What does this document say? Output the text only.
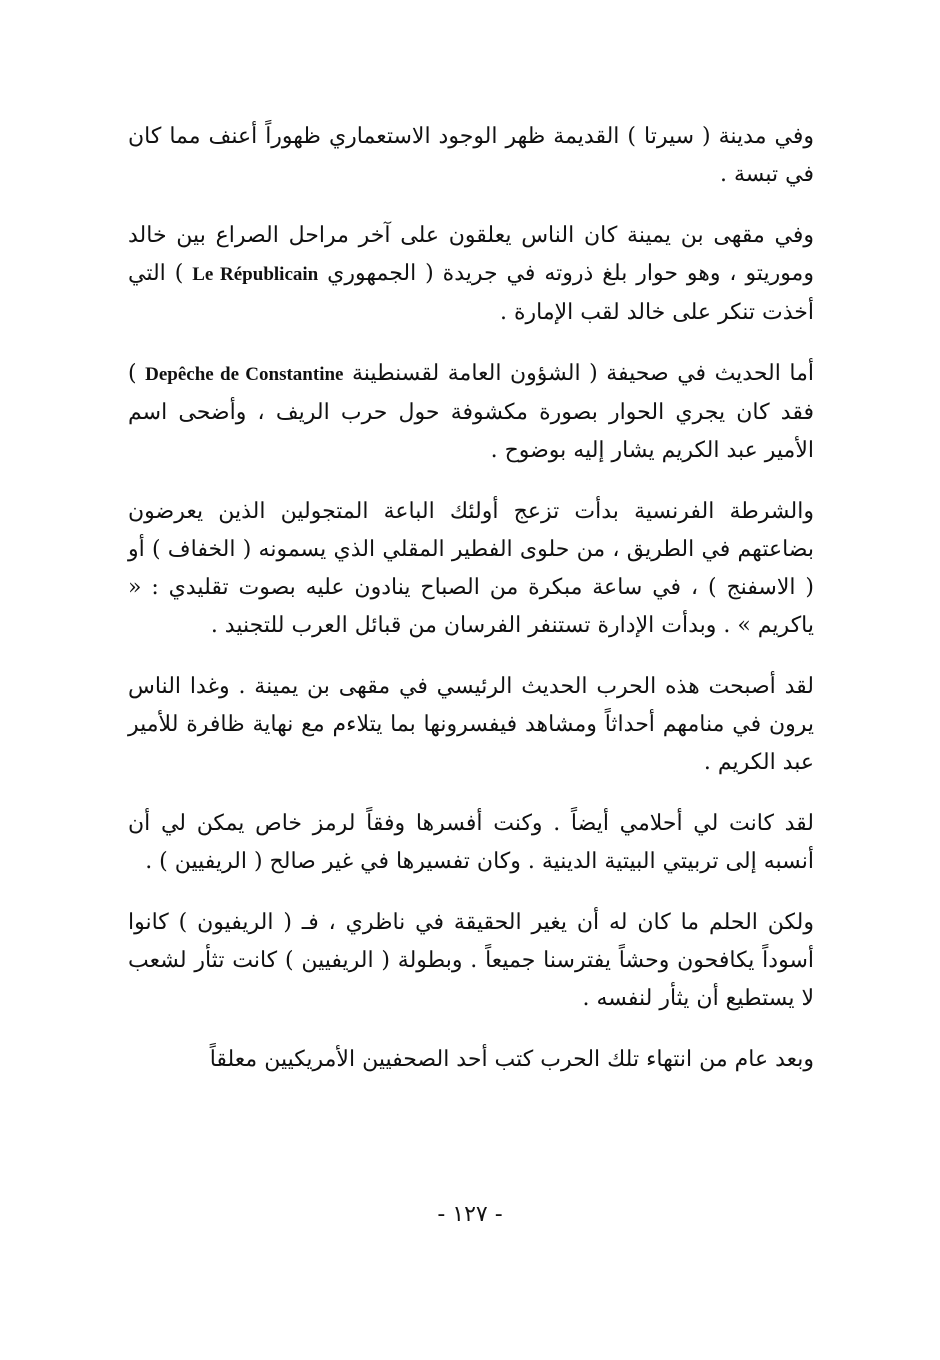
وفي مدينة ( سيرتا ) القديمة ظهر الوجود الاستعماري ظهوراً أعنف مما كان في تبسة .

وفي مقهى بن يمينة كان الناس يعلقون على آخر مراحل الصراع بين خالد وموريتو ، وهو حوار بلغ ذروته في جريدة ( الجمهوري Le Républicain ) التي أخذت تنكر على خالد لقب الإمارة .

أما الحديث في صحيفة ( الشؤون العامة لقسنطينة Depêche de Constantine ) فقد كان يجري الحوار بصورة مكشوفة حول حرب الريف ، وأضحى اسم الأمير عبد الكريم يشار إليه بوضوح .

والشرطة الفرنسية بدأت تزعج أولئك الباعة المتجولين الذين يعرضون بضاعتهم في الطريق ، من حلوى الفطير المقلي الذي يسمونه ( الخفاف ) أو ( الاسفنج ) ، في ساعة مبكرة من الصباح ينادون عليه بصوت تقليدي : « ياكريم » . وبدأت الإدارة تستنفر الفرسان من قبائل العرب للتجنيد .

لقد أصبحت هذه الحرب الحديث الرئيسي في مقهى بن يمينة . وغدا الناس يرون في منامهم أحداثاً ومشاهد فيفسرونها بما يتلاءم مع نهاية ظافرة للأمير عبد الكريم .

لقد كانت لي أحلامي أيضاً . وكنت أفسرها وفقاً لرمز خاص يمكن لي أن أنسبه إلى تربيتي البيتية الدينية . وكان تفسيرها في غير صالح ( الريفيين ) .

ولكن الحلم ما كان له أن يغير الحقيقة في ناظري ، فـ ( الريفيون ) كانوا أسوداً يكافحون وحشاً يفترسنا جميعاً . وبطولة ( الريفيين ) كانت تثأر لشعب لا يستطيع أن يثأر لنفسه .

وبعد عام من انتهاء تلك الحرب كتب أحد الصحفيين الأمريكيين معلقاً

- ١٢٧ -
